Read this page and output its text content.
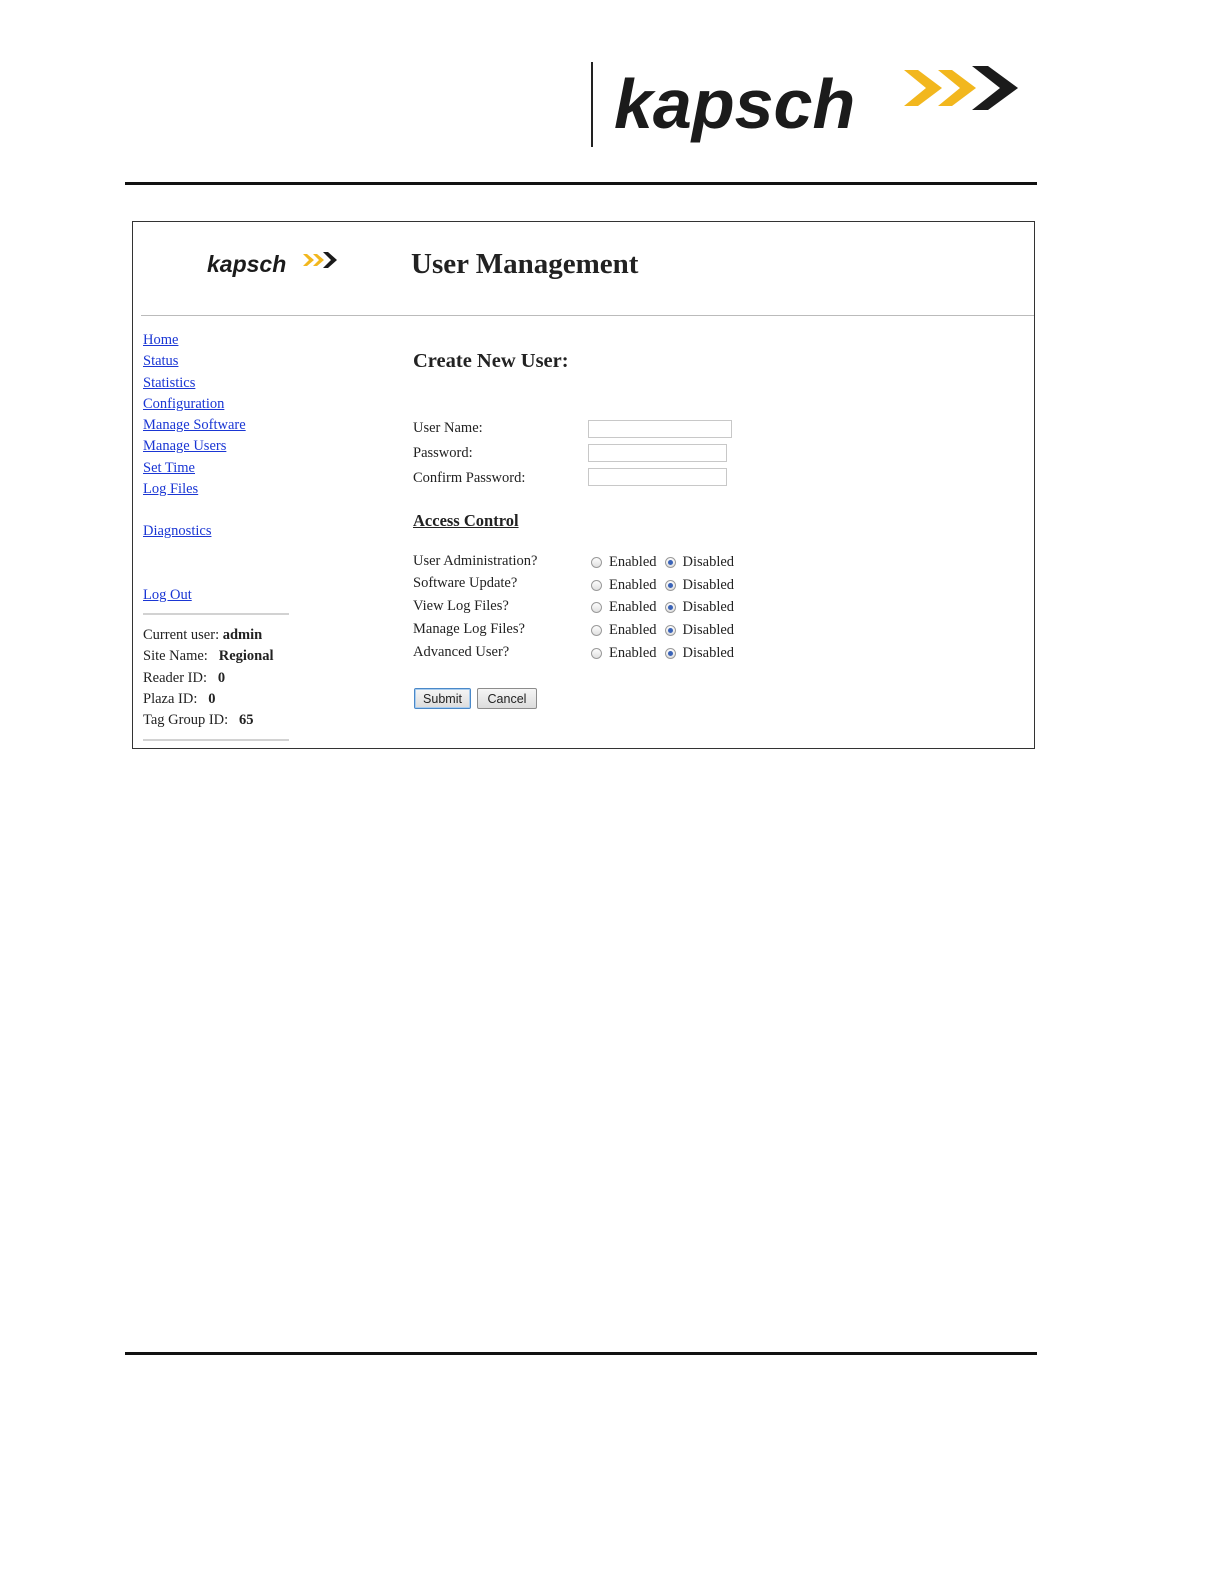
kapsch
kapsch	User Management
Home
Status
Statistics
Configuration
Manage Software
Manage Users
Set Time
Log Files
Diagnostics
Log Out
Current user: admin
Site Name: Regional
Reader ID: 0
Plaza ID: 0
Tag Group ID: 65
Create New User:
User Name:
Password:
Confirm Password:
Access Control
User Administration?	Enabled Disabled
Software Update?	Enabled Disabled
View Log Files?	Enabled Disabled
Manage Log Files?	Enabled Disabled
Advanced User?	Enabled Disabled
Submit	Cancel
